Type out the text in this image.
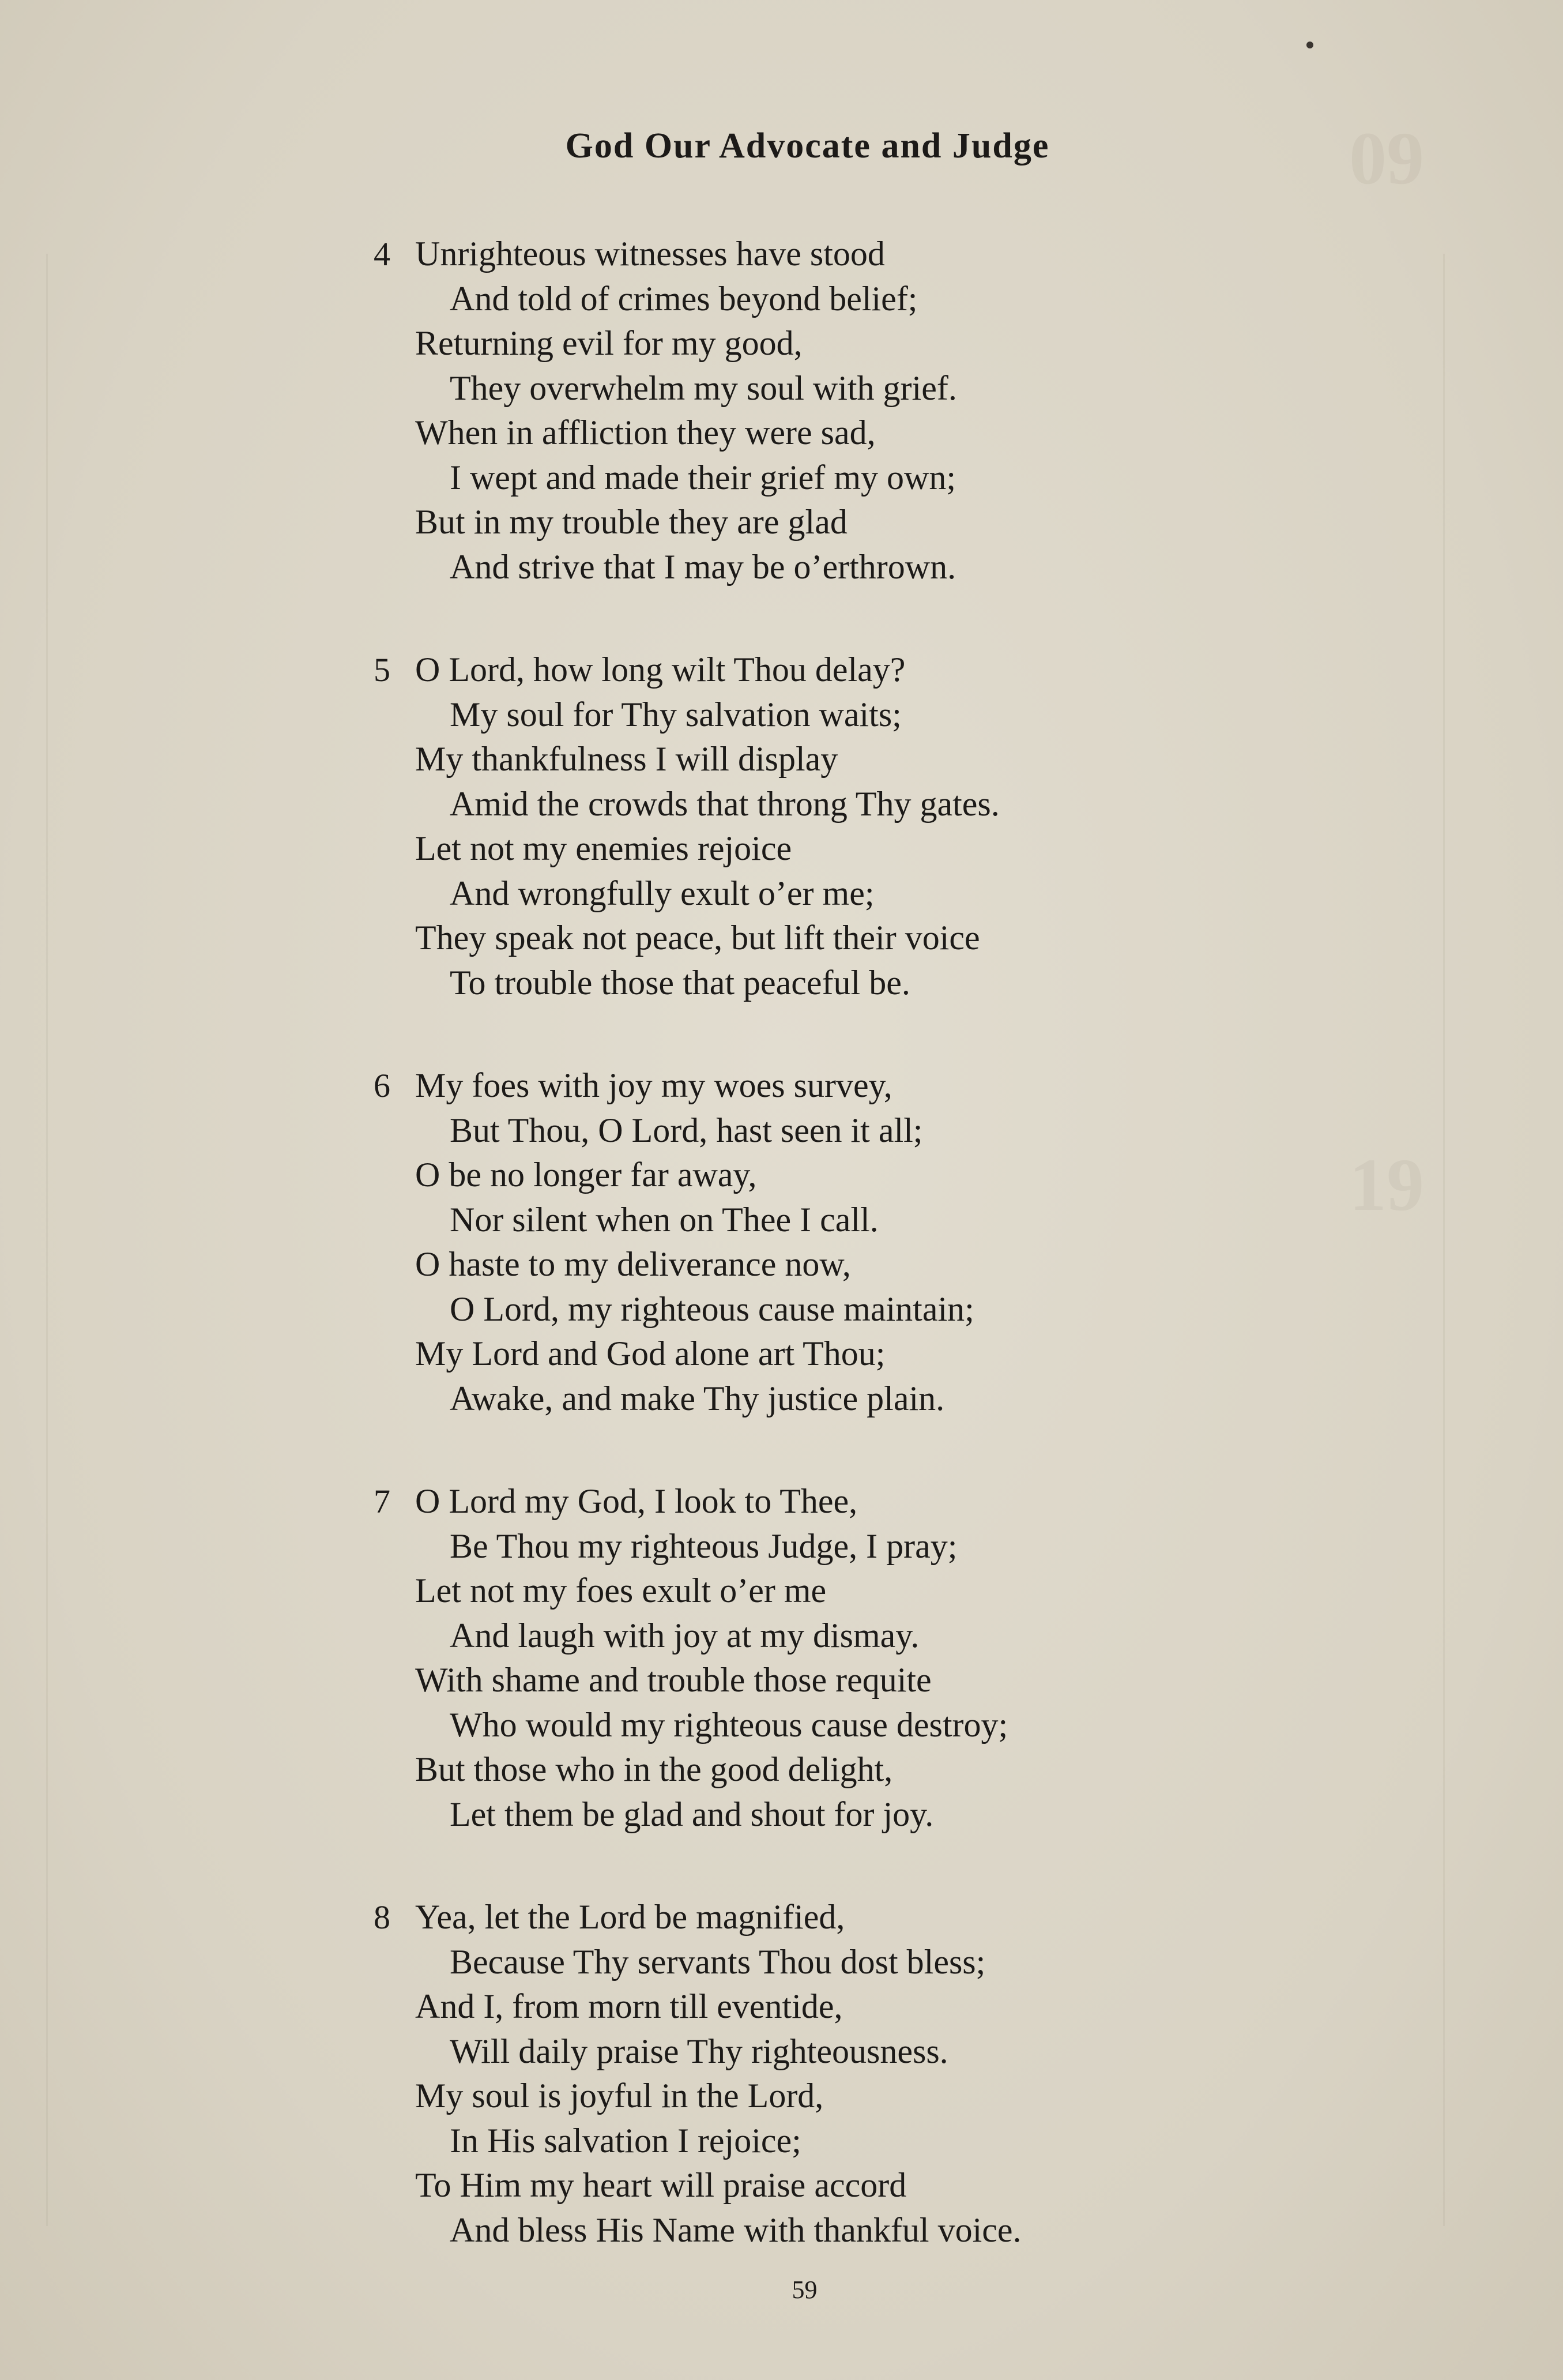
09
19
God Our Advocate and Judge
4 Unrighteous witnesses have stood
And told of crimes beyond belief;
Returning evil for my good,
They overwhelm my soul with grief.
When in affliction they were sad,
I wept and made their grief my own;
But in my trouble they are glad
And strive that I may be o’erthrown.
5 O Lord, how long wilt Thou delay?
My soul for Thy salvation waits;
My thankfulness I will display
Amid the crowds that throng Thy gates.
Let not my enemies rejoice
And wrongfully exult o’er me;
They speak not peace, but lift their voice
To trouble those that peaceful be.
6 My foes with joy my woes survey,
But Thou, O Lord, hast seen it all;
O be no longer far away,
Nor silent when on Thee I call.
O haste to my deliverance now,
O Lord, my righteous cause maintain;
My Lord and God alone art Thou;
Awake, and make Thy justice plain.
7 O Lord my God, I look to Thee,
Be Thou my righteous Judge, I pray;
Let not my foes exult o’er me
And laugh with joy at my dismay.
With shame and trouble those requite
Who would my righteous cause destroy;
But those who in the good delight,
Let them be glad and shout for joy.
8 Yea, let the Lord be magnified,
Because Thy servants Thou dost bless;
And I, from morn till eventide,
Will daily praise Thy righteousness.
My soul is joyful in the Lord,
In His salvation I rejoice;
To Him my heart will praise accord
And bless His Name with thankful voice.
59
